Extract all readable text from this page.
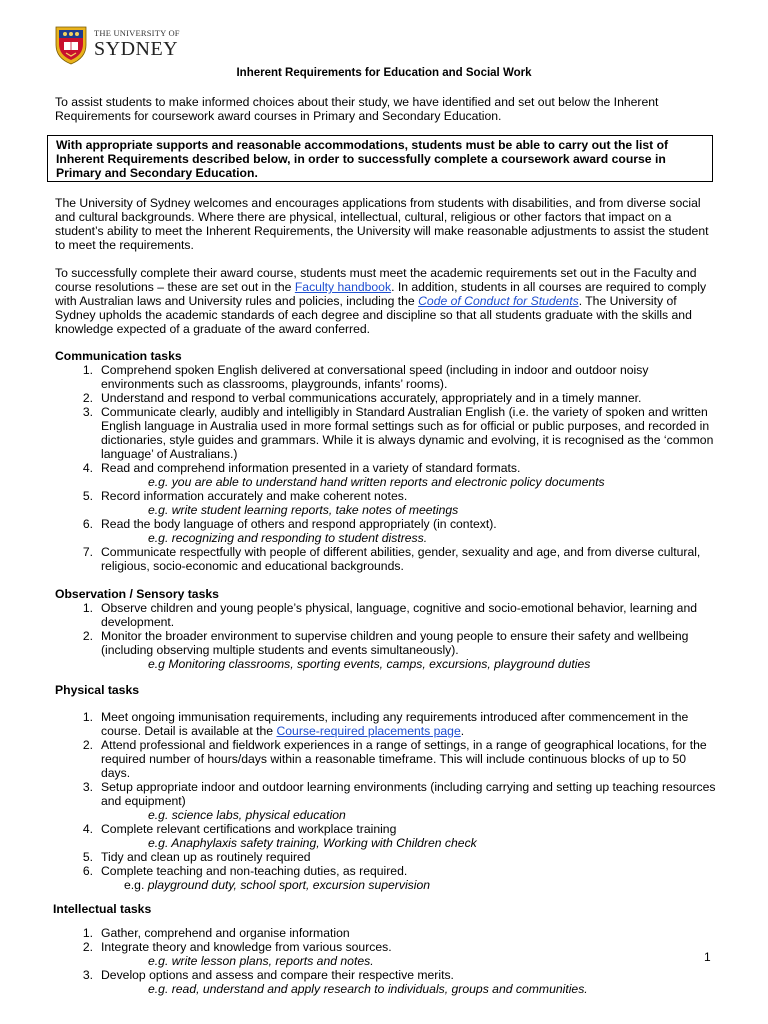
THE UNIVERSITY OF
SYDNEY
Inherent Requirements for Education and Social Work
To assist students to make informed choices about their study, we have identified and set out below the Inherent Requirements for coursework award courses in Primary and Secondary Education.
With appropriate supports and reasonable accommodations, students must be able to carry out the list of Inherent Requirements described below, in order to successfully complete a coursework award course in Primary and Secondary Education.
The University of Sydney welcomes and encourages applications from students with disabilities, and from diverse social and cultural backgrounds. Where there are physical, intellectual, cultural, religious or other factors that impact on a student’s ability to meet the Inherent Requirements, the University will make reasonable adjustments to assist the student to meet the requirements.
To successfully complete their award course, students must meet the academic requirements set out in the Faculty and course resolutions – these are set out in the Faculty handbook. In addition, students in all courses are required to comply with Australian laws and University rules and policies, including the Code of Conduct for Students. The University of Sydney upholds the academic standards of each degree and discipline so that all students graduate with the skills and knowledge expected of a graduate of the award conferred.
Communication tasks
1. Comprehend spoken English delivered at conversational speed (including in indoor and outdoor noisy environments such as classrooms, playgrounds, infants’ rooms).
2. Understand and respond to verbal communications accurately, appropriately and in a timely manner.
3. Communicate clearly, audibly and intelligibly in Standard Australian English (i.e. the variety of spoken and written English language in Australia used in more formal settings such as for official or public purposes, and recorded in dictionaries, style guides and grammars. While it is always dynamic and evolving, it is recognised as the ‘common language’ of Australians.)
4. Read and comprehend information presented in a variety of standard formats.
e.g. you are able to understand hand written reports and electronic policy documents
5. Record information accurately and make coherent notes.
e.g. write student learning reports, take notes of meetings
6. Read the body language of others and respond appropriately (in context).
e.g. recognizing and responding to student distress.
7. Communicate respectfully with people of different abilities, gender, sexuality and age, and from diverse cultural, religious, socio-economic and educational backgrounds.
Observation / Sensory tasks
1. Observe children and young people’s physical, language, cognitive and socio-emotional behavior, learning and development.
2. Monitor the broader environment to supervise children and young people to ensure their safety and wellbeing (including observing multiple students and events simultaneously).
e.g Monitoring classrooms, sporting events, camps, excursions, playground duties
Physical tasks
1. Meet ongoing immunisation requirements, including any requirements introduced after commencement in the course. Detail is available at the Course-required placements page.
2. Attend professional and fieldwork experiences in a range of settings, in a range of geographical locations, for the required number of hours/days within a reasonable timeframe. This will include continuous blocks of up to 50 days.
3. Setup appropriate indoor and outdoor learning environments (including carrying and setting up teaching resources and equipment)
e.g. science labs, physical education
4. Complete relevant certifications and workplace training
e.g. Anaphylaxis safety training, Working with Children check
5. Tidy and clean up as routinely required
6. Complete teaching and non-teaching duties, as required.
e.g. playground duty, school sport, excursion supervision
Intellectual tasks
1. Gather, comprehend and organise information
2. Integrate theory and knowledge from various sources.
e.g. write lesson plans, reports and notes.
3. Develop options and assess and compare their respective merits.
e.g. read, understand and apply research to individuals, groups and communities.
1
